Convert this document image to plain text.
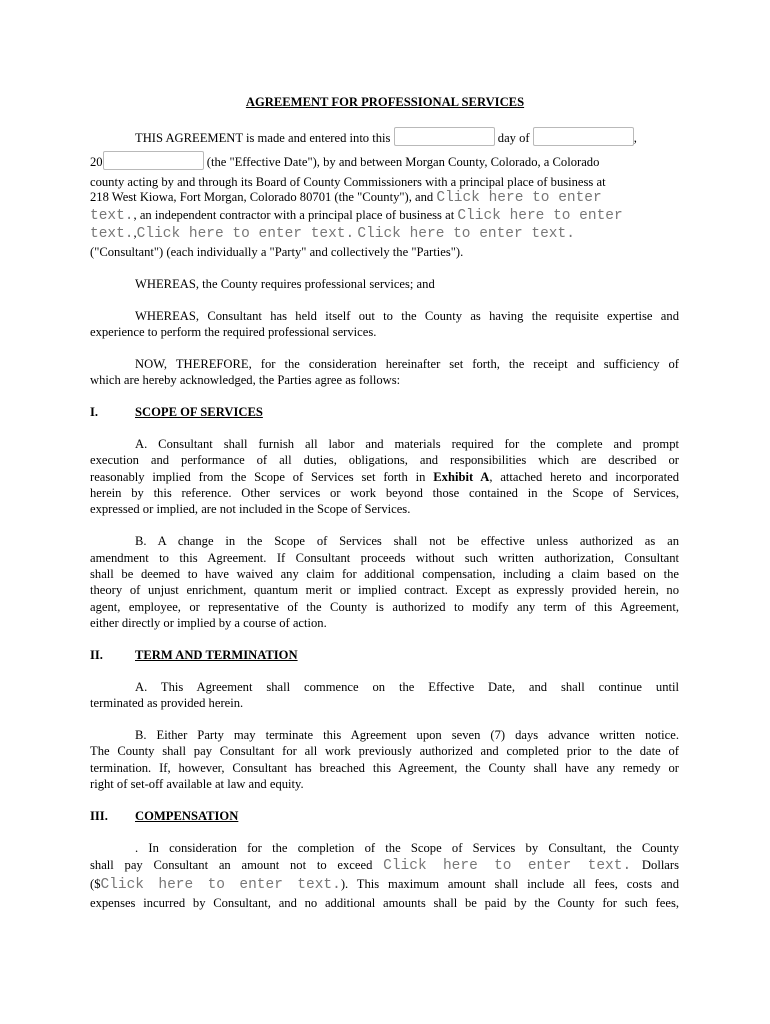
AGREEMENT FOR PROFESSIONAL SERVICES
THIS AGREEMENT is made and entered into this	day of	,
20	(the "Effective Date"), by and between Morgan County, Colorado, a Colorado
county acting by and through its Board of County Commissioners with a principal place of business at
218 West Kiowa, Fort Morgan, Colorado 80701 (the "County"), and Click here to enter
text., an independent contractor with a principal place of business at Click here to enter
text.,Click here to enter text. Click here to enter text.
("Consultant") (each individually a "Party" and collectively the "Parties").
WHEREAS, the County requires professional services; and
WHEREAS, Consultant has held itself out to the County as having the requisite expertise and
experience to perform the required professional services.
NOW, THEREFORE, for the consideration hereinafter set forth, the receipt and sufficiency of
which are hereby acknowledged, the Parties agree as follows:
I.	SCOPE OF SERVICES
A. Consultant shall furnish all labor and materials required for the complete and prompt
execution and performance of all duties, obligations, and responsibilities which are described or
reasonably implied from the Scope of Services set forth in Exhibit A, attached hereto and incorporated
herein by this reference. Other services or work beyond those contained in the Scope of Services,
expressed or implied, are not included in the Scope of Services.
B. A change in the Scope of Services shall not be effective unless authorized as an
amendment to this Agreement. If Consultant proceeds without such written authorization, Consultant
shall be deemed to have waived any claim for additional compensation, including a claim based on the
theory of unjust enrichment, quantum merit or implied contract. Except as expressly provided herein, no
agent, employee, or representative of the County is authorized to modify any term of this Agreement,
either directly or implied by a course of action.
II.	TERM AND TERMINATION
A. This Agreement shall commence on the Effective Date, and shall continue until
terminated as provided herein.
B. Either Party may terminate this Agreement upon seven (7) days advance written notice.
The County shall pay Consultant for all work previously authorized and completed prior to the date of
termination. If, however, Consultant has breached this Agreement, the County shall have any remedy or
right of set-off available at law and equity.
III. COMPENSATION
. In consideration for the completion of the Scope of Services by Consultant, the County
shall pay Consultant an amount not to exceed Click here to enter text. Dollars
($Click here to enter text.). This maximum amount shall include all fees, costs and
expenses incurred by Consultant, and no additional amounts shall be paid by the County for such fees,
